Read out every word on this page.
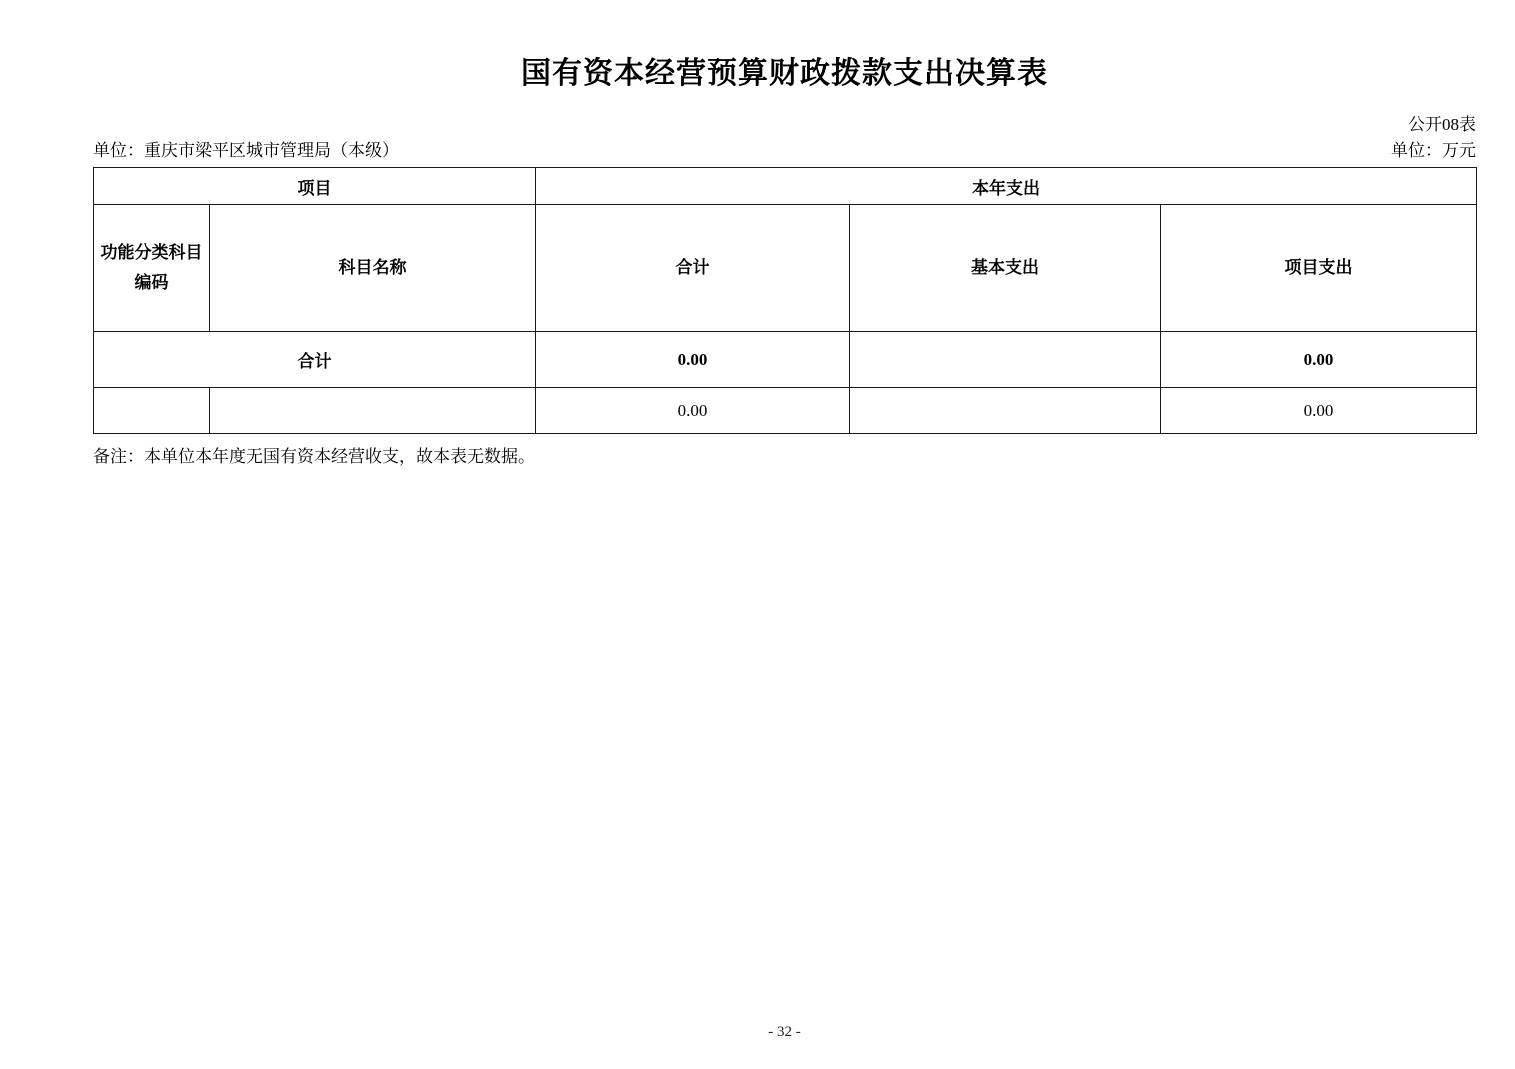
国有资本经营预算财政拨款支出决算表
公开08表
单位：重庆市梁平区城市管理局（本级）	单位：万元
项目		本年支出		
功能分类科目编码	科目名称	合计	基本支出	项目支出
合计		0.00		0.00
		0.00		0.00
备注：本单位本年度无国有资本经营收支，故本表无数据。
- 32 -
